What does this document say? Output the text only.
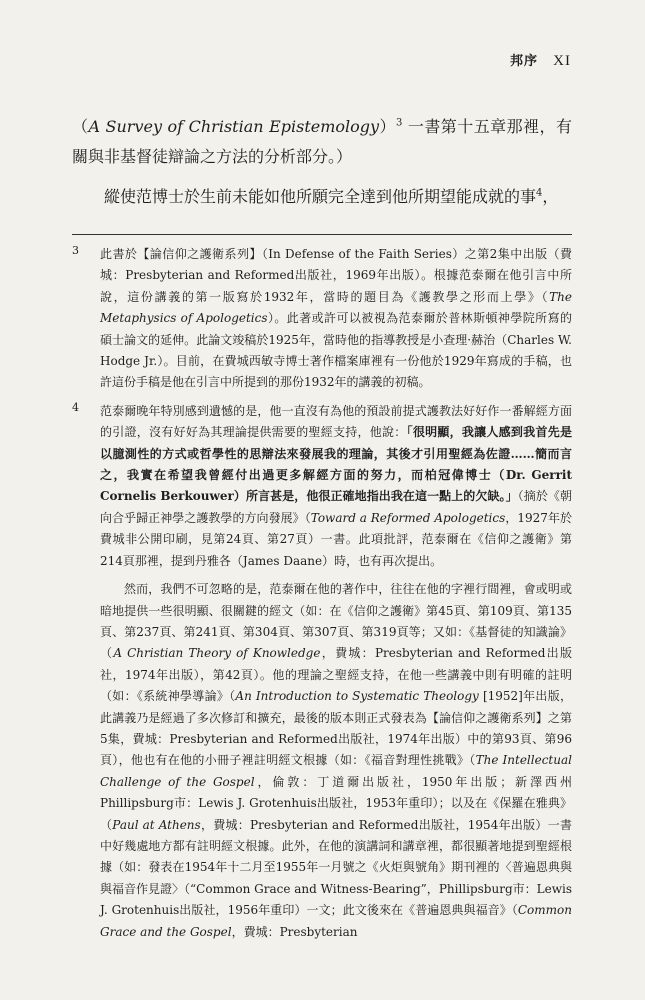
邦序 XI

（A Survey of Christian Epistemology）$^3$ 一書第十五章那裡，有關與非基督徒辯論之方法的分析部分。）

縱使范博士於生前未能如他所願完全達到他所期望能成就的事$^4$，

3 此書於【論信仰之護衛系列】（In Defense of the Faith Series）之第2集中出版（費城：Presbyterian and Reformed出版社，1969年出版）。根據范泰爾在他引言中所說，這份講義的第一版寫於1932年，當時的題目為《護教學之形而上學》（The Metaphysics of Apologetics）。此著或許可以被視為范泰爾於普林斯頓神學院所寫的碩士論文的延伸。此論文竣稿於1925年，當時他的指導教授是小查理·赫治（Charles W. Hodge Jr.）。目前，在費城西敏寺博士著作檔案庫裡有一份他於1929年寫成的手稿，也許這份手稿是他在引言中所提到的那份1932年的講義的初稿。

4 范泰爾晚年特別感到遺憾的是，他一直沒有為他的預設前提式護教法好好作一番解經方面的引證，沒有好好為其理論提供需要的聖經支持，他說：「很明顯，我讓人感到我首先是以臆測性的方式或哲學性的思辯法來發展我的理論，其後才引用聖經為佐證……簡而言之，我實在希望我曾經付出過更多解經方面的努力，而柏冠偉博士（Dr. Gerrit Cornelis Berkouwer）所言甚是，他很正確地指出我在這一點上的欠缺。」（摘於《朝向合乎歸正神學之護教學的方向發展》（Toward a Reformed Apologetics，1927年於費城非公開印刷，見第24頁、第27頁）一書。此項批評，范泰爾在《信仰之護衛》第214頁那裡，提到丹雅各（James Daane）時，也有再次提出。

然而，我們不可忽略的是，范泰爾在他的著作中，往往在他的字裡行間裡，會或明或暗地提供一些很明顯、很關鍵的經文（如：在《信仰之護衛》第45頁、第109頁、第135頁、第237頁、第241頁、第304頁、第307頁、第319頁等；又如：《基督徒的知識論》（A Christian Theory of Knowledge，費城：Presbyterian and Reformed出版社，1974年出版），第42頁）。他的理論之聖經支持，在他一些講義中則有明確的註明（如：《系統神學導論》（An Introduction to Systematic Theology [1952]年出版，此講義乃是經過了多次修訂和擴充，最後的版本則正式發表為【論信仰之護衛系列】之第5集，費城：Presbyterian and Reformed出版社，1974年出版）中的第93頁、第96頁），他也有在他的小冊子裡註明經文根據（如：《福音對理性挑戰》（The Intellectual Challenge of the Gospel，倫敦：丁道爾出版社，1950年出版；新澤西州Phillipsburg市：Lewis J. Grotenhuis出版社，1953年重印）；以及在《保羅在雅典》（Paul at Athens，費城：Presbyterian and Reformed出版社，1954年出版）一書中好幾處地方都有註明經文根據。此外，在他的演講詞和講章裡，都很顯著地提到聖經根據（如：發表在1954年十二月至1955年一月號之《火炬與號角》期刊裡的〈普遍恩典與與福音作見證〉（“Common Grace and Witness-Bearing”，Phillipsburg市：Lewis J. Grotenhuis出版社，1956年重印）一文；此文後來在《普遍恩典與福音》（Common Grace and the Gospel，費城：Presbyterian
